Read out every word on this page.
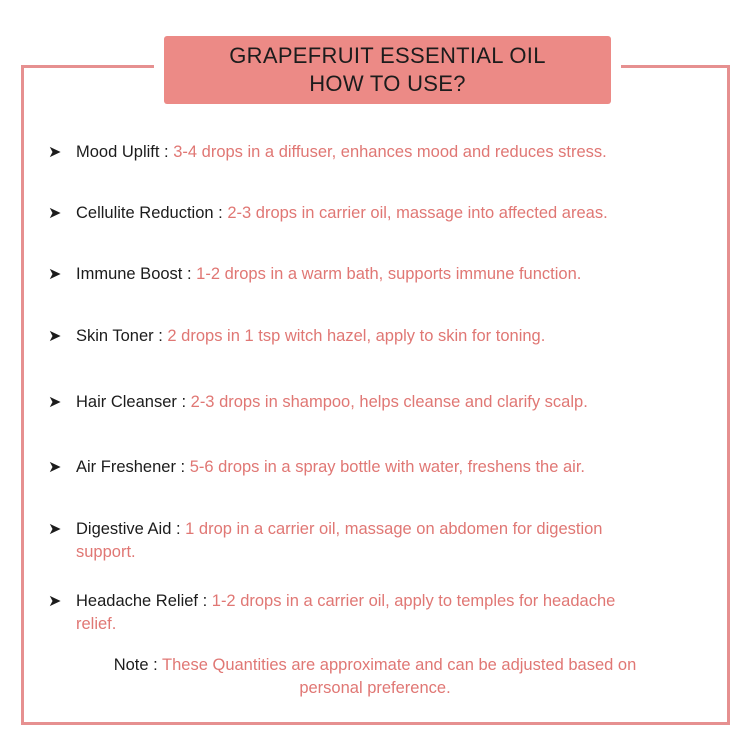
GRAPEFRUIT ESSENTIAL OIL
HOW TO USE?
➤ Mood Uplift : 3-4 drops in a diffuser, enhances mood and reduces stress.
➤ Cellulite Reduction : 2-3 drops in carrier oil, massage into affected areas.
➤ Immune Boost : 1-2 drops in a warm bath, supports immune function.
➤ Skin Toner : 2 drops in 1 tsp witch hazel, apply to skin for toning.
➤ Hair Cleanser : 2-3 drops in shampoo, helps cleanse and clarify scalp.
➤ Air Freshener : 5-6 drops in a spray bottle with water, freshens the air.
➤ Digestive Aid : 1 drop in a carrier oil, massage on abdomen for digestion
support.
➤ Headache Relief : 1-2 drops in a carrier oil, apply to temples for headache
relief.
Note : These Quantities are approximate and can be adjusted based on
personal preference.
